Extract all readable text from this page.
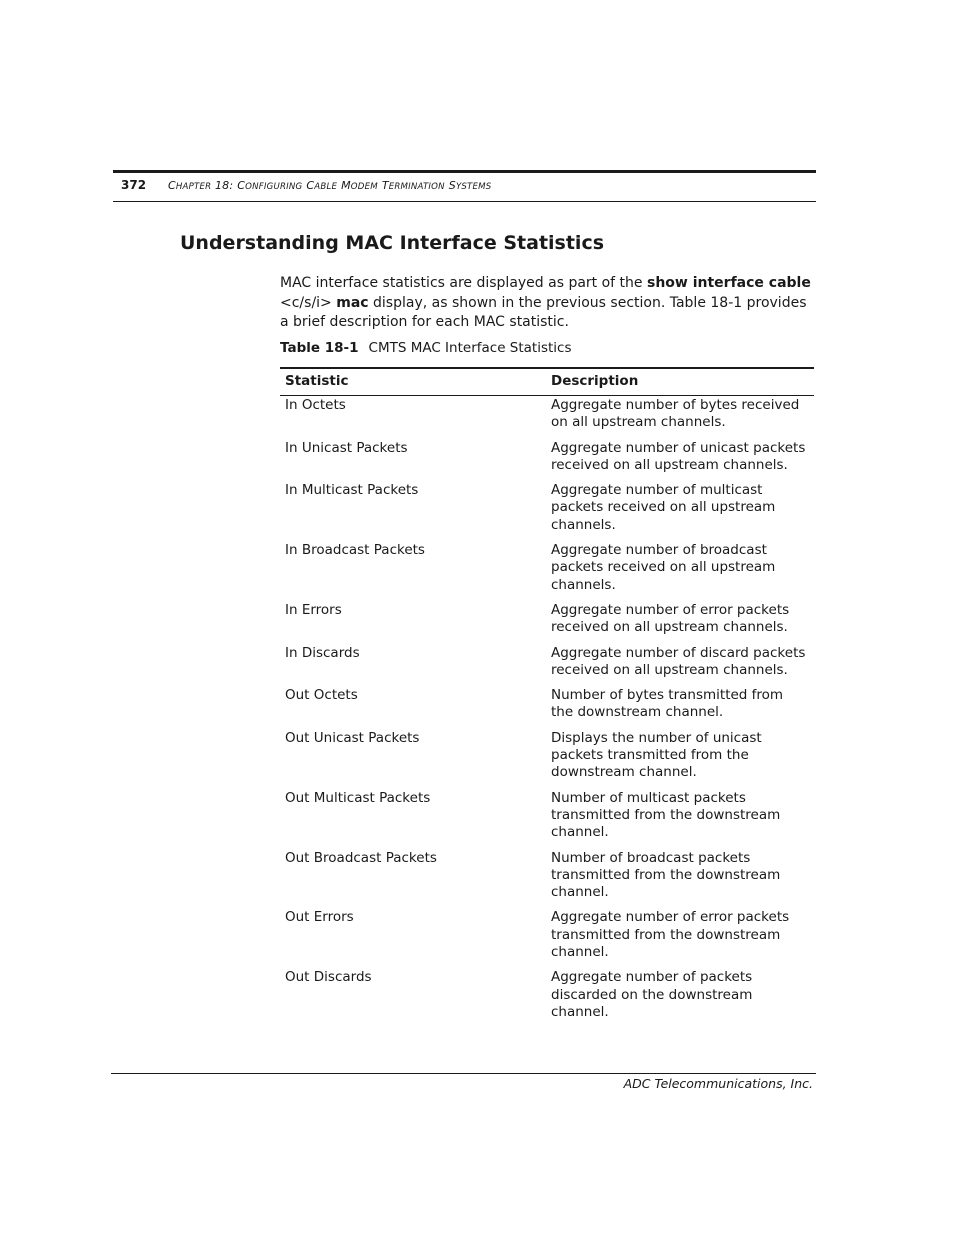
372 CHAPTER 18: CONFIGURING CABLE MODEM TERMINATION SYSTEMS
Understanding MAC Interface Statistics

MAC interface statistics are displayed as part of the show interface cable <c/s/i> mac display, as shown in the previous section. Table 18-1 provides a brief description for each MAC statistic.

Table 18-1 CMTS MAC Interface Statistics
Statistic	Description
In Octets	Aggregate number of bytes received on all upstream channels.
In Unicast Packets	Aggregate number of unicast packets received on all upstream channels.
In Multicast Packets	Aggregate number of multicast packets received on all upstream channels.
In Broadcast Packets	Aggregate number of broadcast packets received on all upstream channels.
In Errors	Aggregate number of error packets received on all upstream channels.
In Discards	Aggregate number of discard packets received on all upstream channels.
Out Octets	Number of bytes transmitted from the downstream channel.
Out Unicast Packets	Displays the number of unicast packets transmitted from the downstream channel.
Out Multicast Packets	Number of multicast packets transmitted from the downstream channel.
Out Broadcast Packets	Number of broadcast packets transmitted from the downstream channel.
Out Errors	Aggregate number of error packets transmitted from the downstream channel.
Out Discards	Aggregate number of packets discarded on the downstream channel.
ADC Telecommunications, Inc.
